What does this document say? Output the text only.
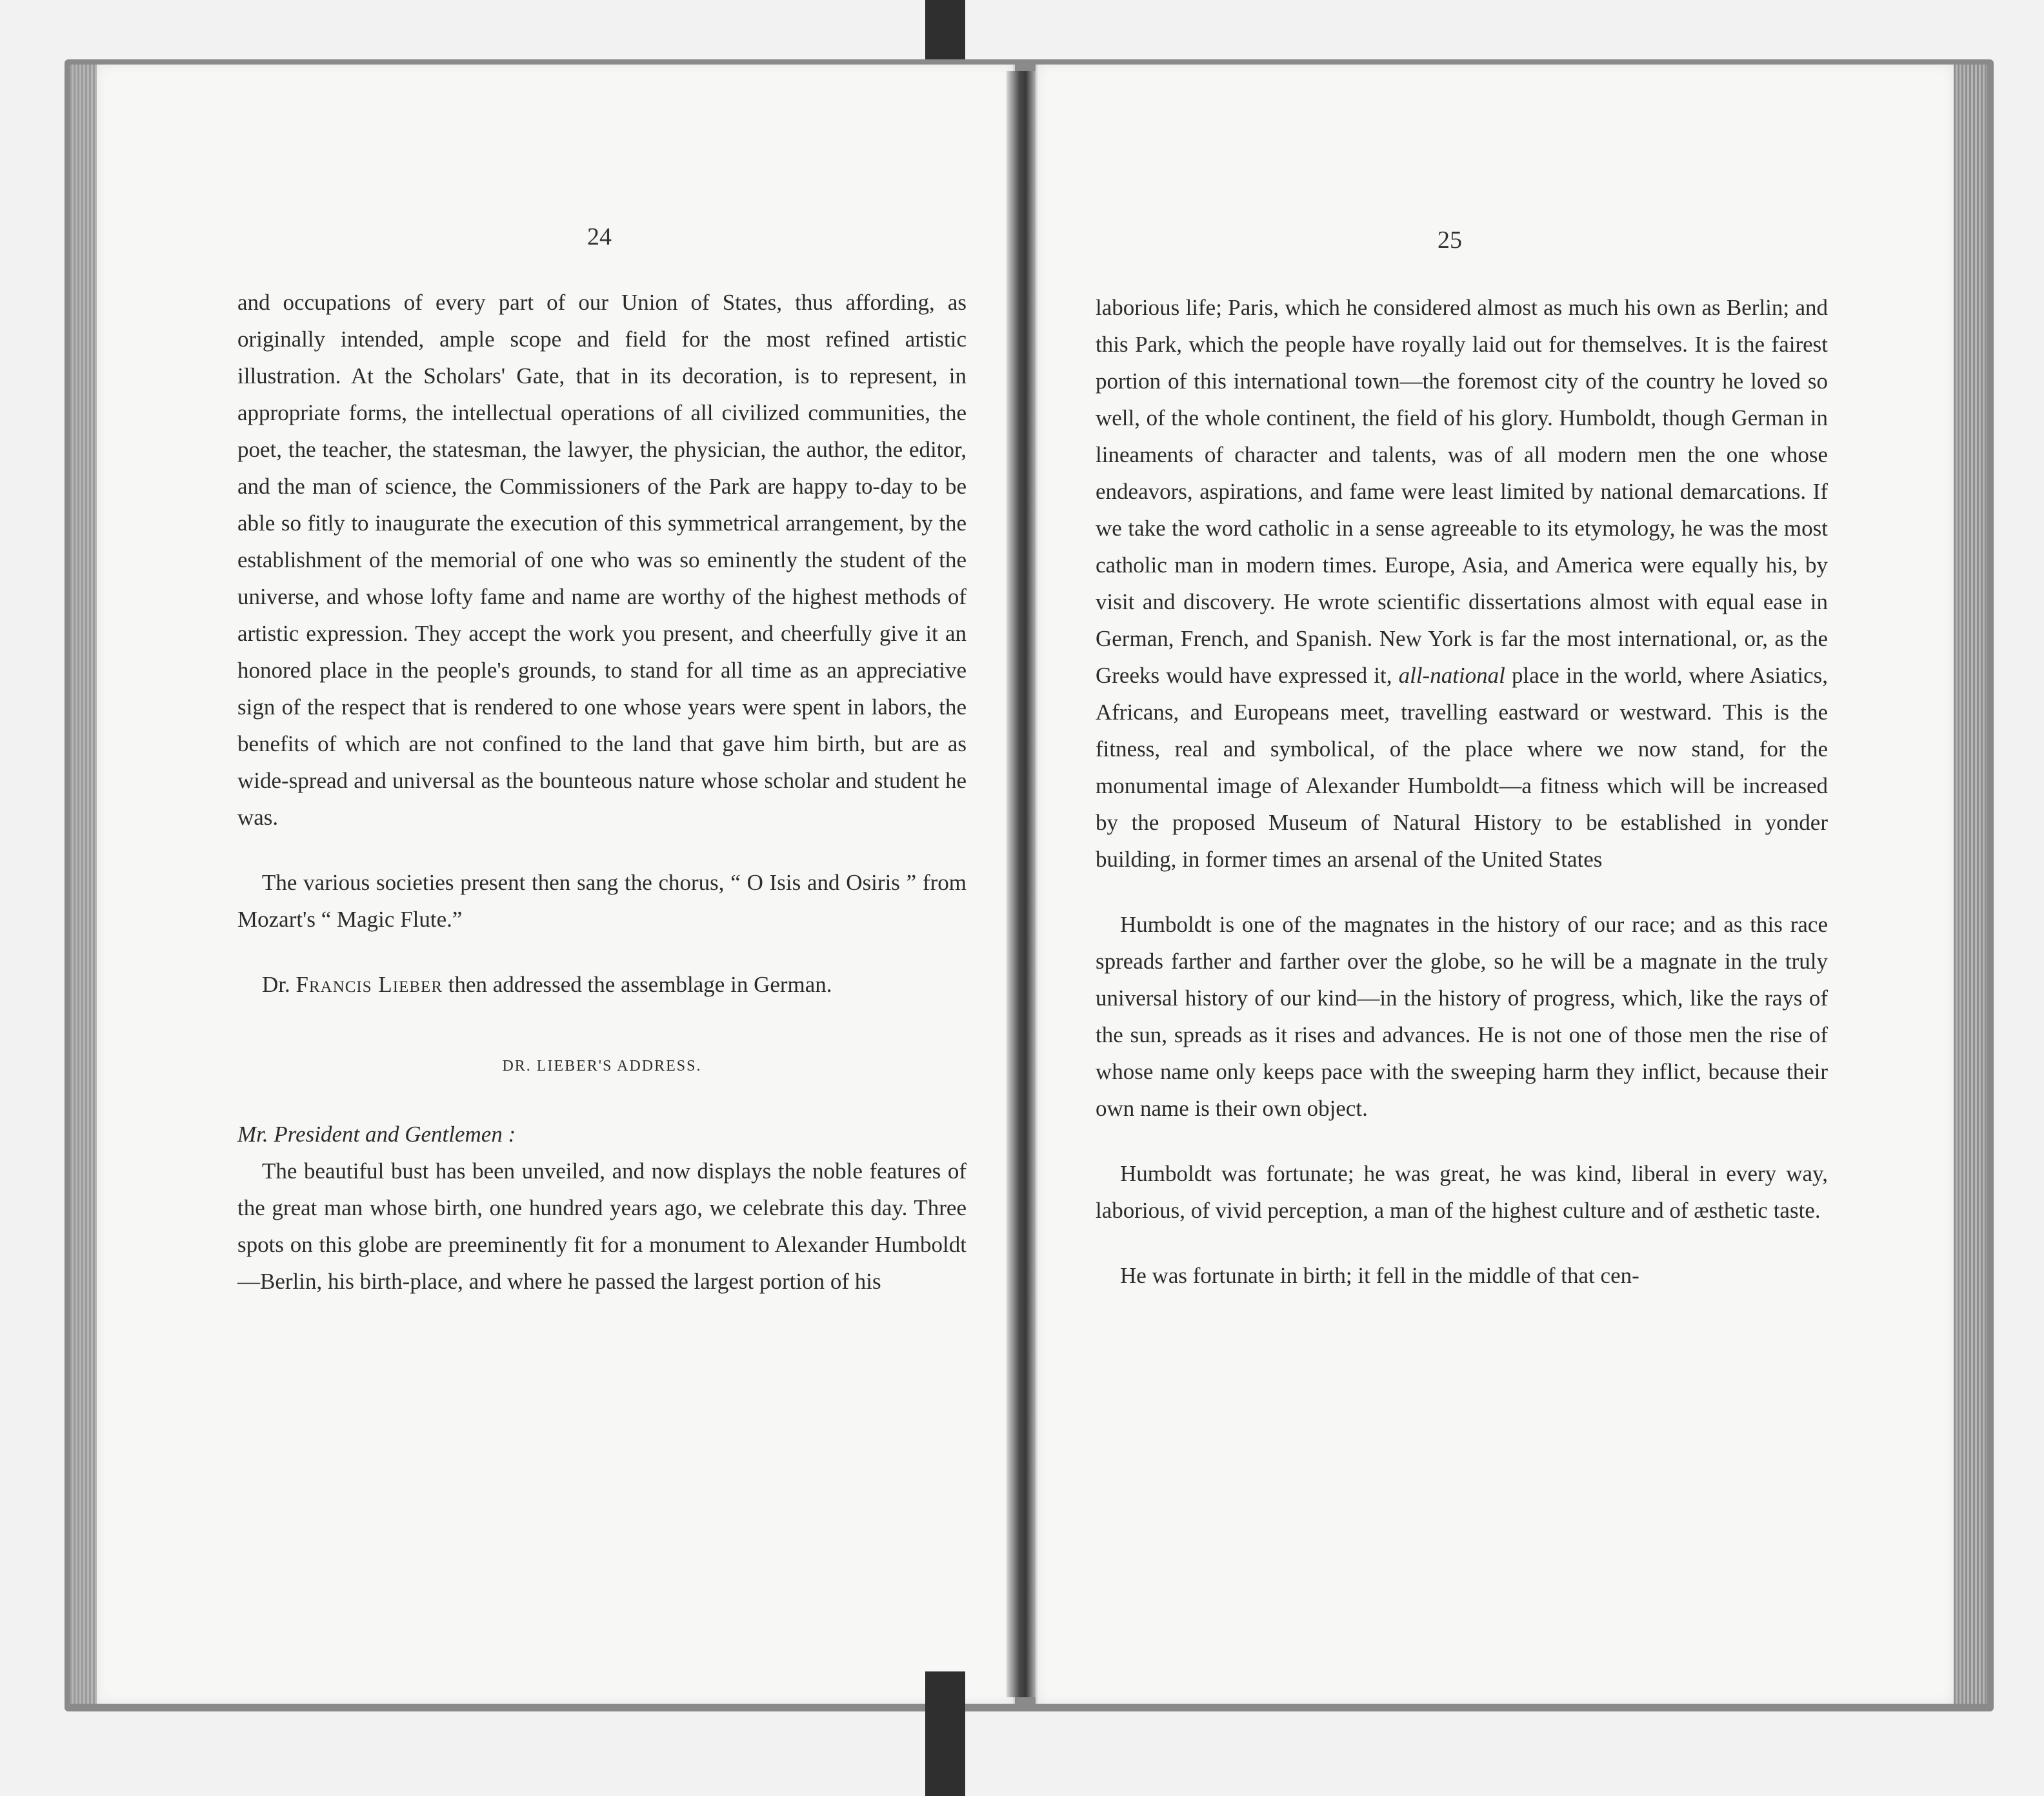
24

and occupations of every part of our Union of States, thus affording, as originally intended, ample scope and field for the most refined artistic illustration. At the Scholars' Gate, that in its decoration, is to represent, in appropriate forms, the intellectual operations of all civilized communities, the poet, the teacher, the statesman, the lawyer, the physician, the author, the editor, and the man of science, the Commissioners of the Park are happy to-day to be able so fitly to inaugurate the execution of this symmetrical arrangement, by the establishment of the memorial of one who was so eminently the student of the universe, and whose lofty fame and name are worthy of the highest methods of artistic expression. They accept the work you present, and cheerfully give it an honored place in the people's grounds, to stand for all time as an appreciative sign of the respect that is rendered to one whose years were spent in labors, the benefits of which are not confined to the land that gave him birth, but are as wide-spread and universal as the bounteous nature whose scholar and student he was.

The various societies present then sang the chorus, “ O Isis and Osiris ” from Mozart's “ Magic Flute.”

Dr. Francis Lieber then addressed the assemblage in German.

DR. LIEBER'S ADDRESS.

Mr. President and Gentlemen :

The beautiful bust has been unveiled, and now displays the noble features of the great man whose birth, one hundred years ago, we celebrate this day. Three spots on this globe are preeminently fit for a monument to Alexander Humboldt—Berlin, his birth-place, and where he passed the largest portion of his

25

laborious life; Paris, which he considered almost as much his own as Berlin; and this Park, which the people have royally laid out for themselves. It is the fairest portion of this international town—the foremost city of the country he loved so well, of the whole continent, the field of his glory. Humboldt, though German in lineaments of character and talents, was of all modern men the one whose endeavors, aspirations, and fame were least limited by national demarcations. If we take the word catholic in a sense agreeable to its etymology, he was the most catholic man in modern times. Europe, Asia, and America were equally his, by visit and discovery. He wrote scientific dissertations almost with equal ease in German, French, and Spanish. New York is far the most international, or, as the Greeks would have expressed it, all-national place in the world, where Asiatics, Africans, and Europeans meet, travelling eastward or westward. This is the fitness, real and symbolical, of the place where we now stand, for the monumental image of Alexander Humboldt—a fitness which will be increased by the proposed Museum of Natural History to be established in yonder building, in former times an arsenal of the United States

Humboldt is one of the magnates in the history of our race; and as this race spreads farther and farther over the globe, so he will be a magnate in the truly universal history of our kind—in the history of progress, which, like the rays of the sun, spreads as it rises and advances. He is not one of those men the rise of whose name only keeps pace with the sweeping harm they inflict, because their own name is their own object.

Humboldt was fortunate; he was great, he was kind, liberal in every way, laborious, of vivid perception, a man of the highest culture and of æsthetic taste.

He was fortunate in birth; it fell in the middle of that cen-
